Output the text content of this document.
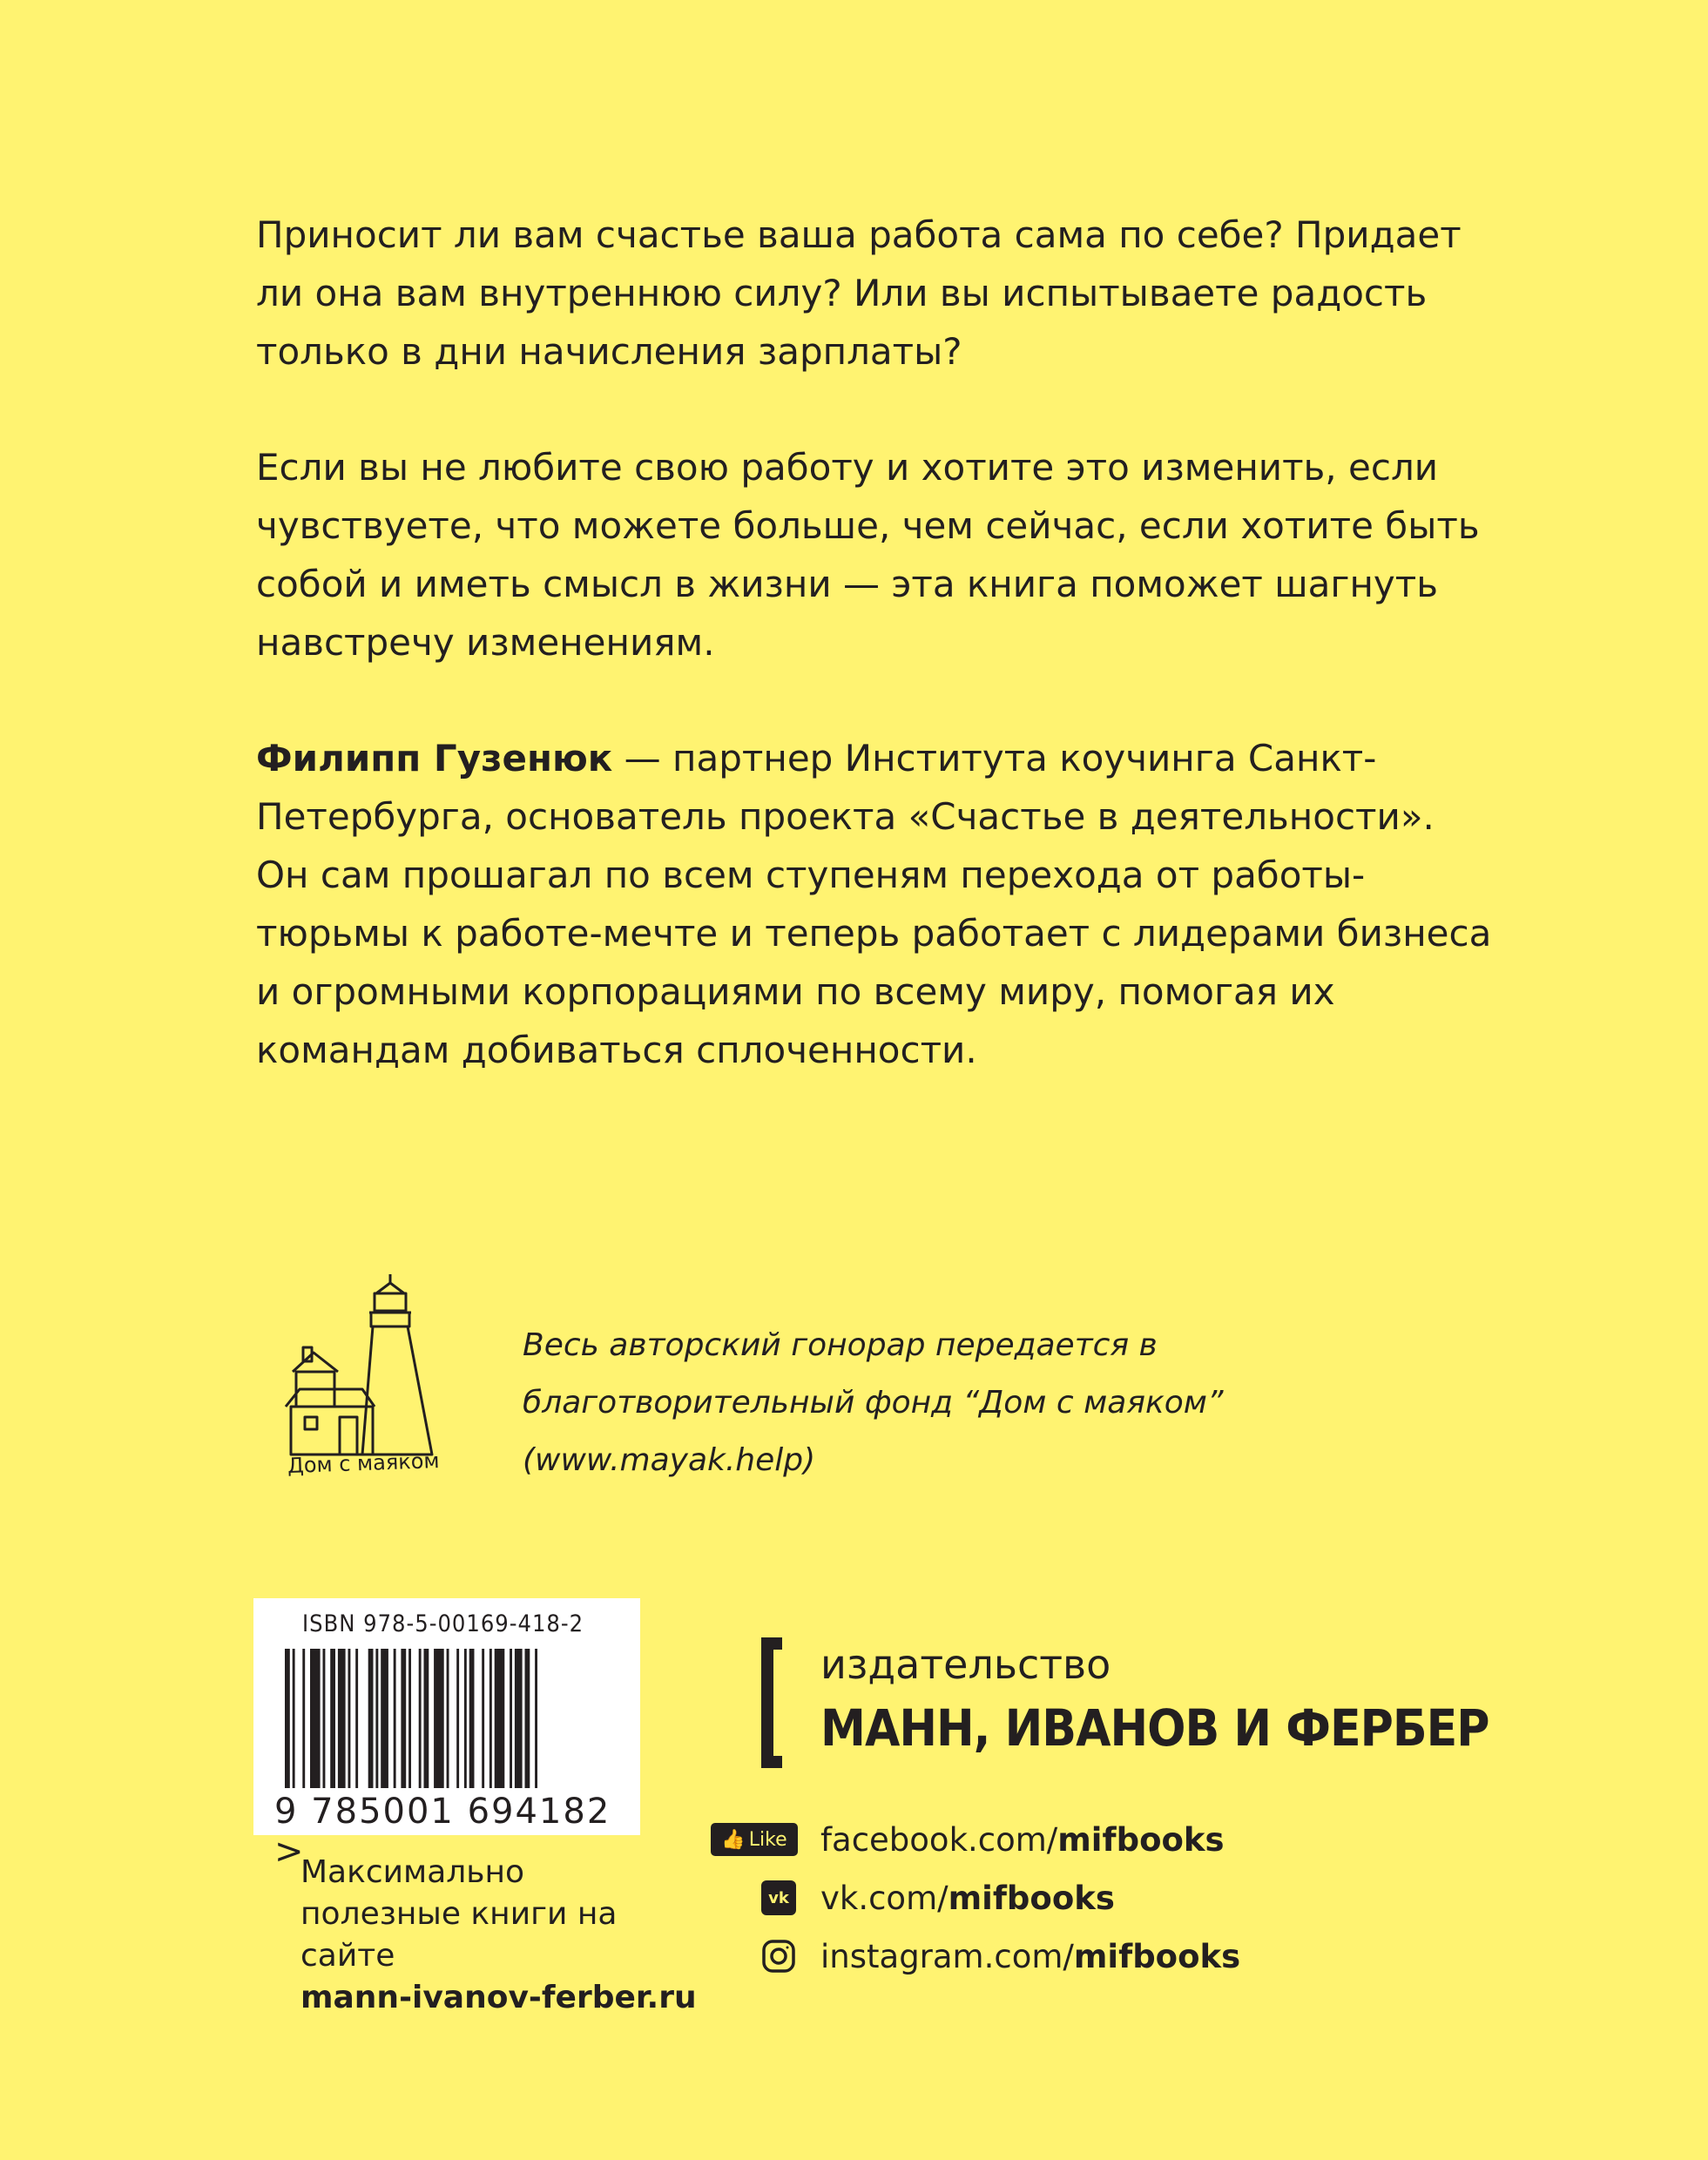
Приносит ли вам счастье ваша работа сама по себе? Придает ли она вам внутреннюю силу? Или вы испытываете радость только в дни начисления зарплаты?

Если вы не любите свою работу и хотите это изменить, если чувствуете, что можете больше, чем сейчас, если хотите быть собой и иметь смысл в жизни — эта книга поможет шагнуть навстречу изменениям.

Филипп Гузенюк — партнер Института коучинга Санкт-Петербурга, основатель проекта «Счастье в деятельности». Он сам прошагал по всем ступеням перехода от работы-тюрьмы к работе-мечте и теперь работает с лидерами бизнеса и огромными корпорациями по всему миру, помогая их командам добиваться сплоченности.

Дом с маяком

Весь авторский гонорар передается в благотворительный фонд “Дом с маяком” (www.mayak.help)

ISBN 978-5-00169-418-2
9 785001 694182 >

Максимально
полезные книги на сайте
mann-ivanov-ferber.ru

издательство
МАНН, ИВАНОВ И ФЕРБЕР
👍 Like facebook.com/mifbooks
vk vk.com/mifbooks
instagram.com/mifbooks
